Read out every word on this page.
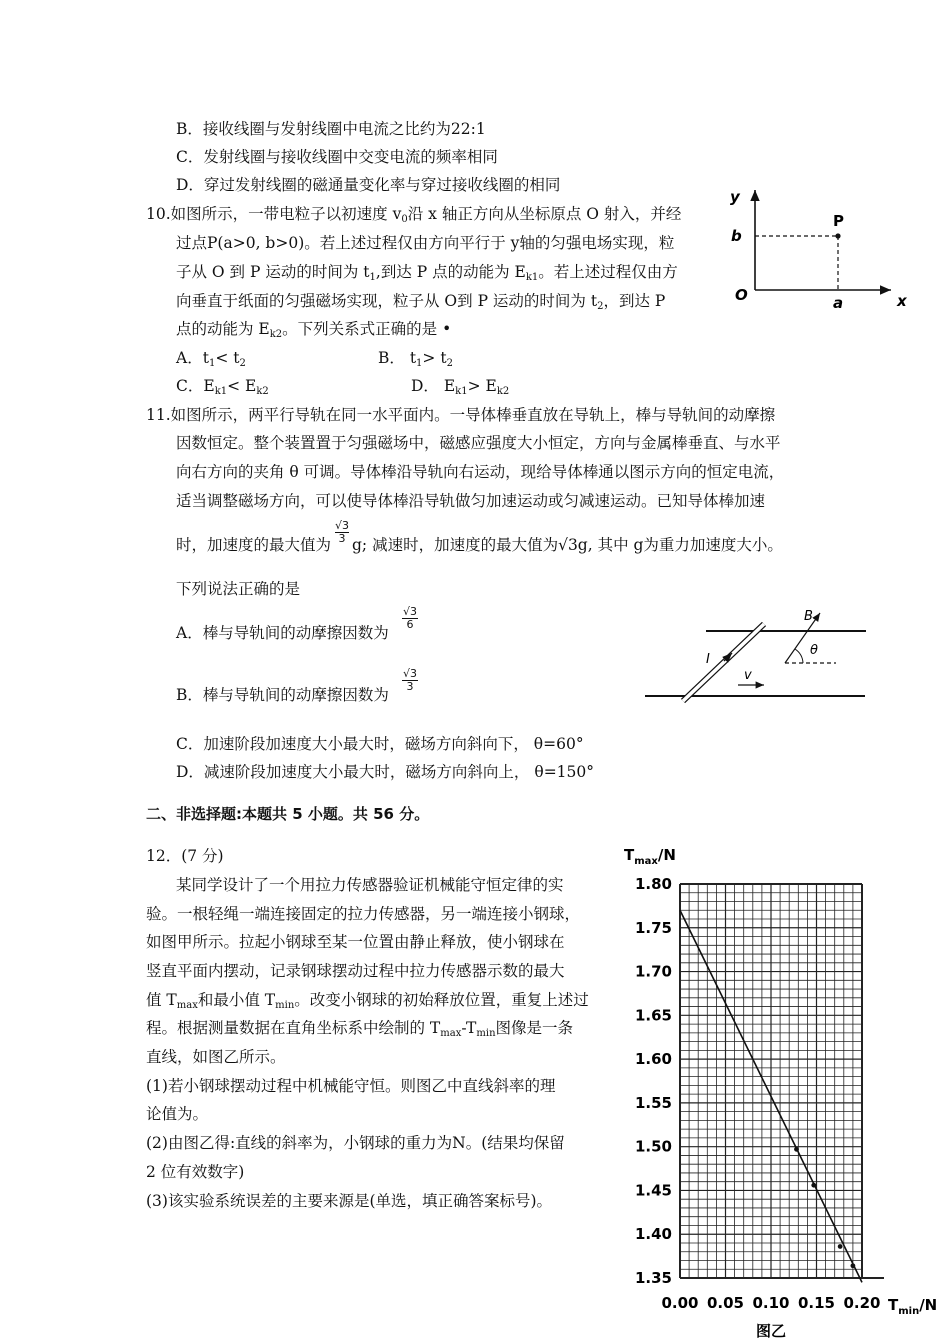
B．接收线圈与发射线圈中电流之比约为22:1
C．发射线圈与接收线圈中交变电流的频率相同
D．穿过发射线圈的磁通量变化率与穿过接收线圈的相同
10.如图所示，一带电粒子以初速度 $v_0$沿 x 轴正方向从坐标原点 O 射入，并经
过点P(a>0, b>0)。若上述过程仅由方向平行于 y轴的匀强电场实现，粒
子从 O 到 P 运动的时间为 $t_1$,到达 P 点的动能为 $E_{k1}$。若上述过程仅由方
向垂直于纸面的匀强磁场实现，粒子从 O到 P 运动的时间为 $t_2$，到达 P
点的动能为 $E_{k2}$。下列关系式正确的是 •
A．$t_1< t_2$	B． $t_1> t_2$
C．$E_{k1}< E_{k2}$	D． $E_{k1}> E_{k2}$
y
x
O	a
b
P
11.如图所示，两平行导轨在同一水平面内。一导体棒垂直放在导轨上，棒与导轨间的动摩擦
因数恒定。整个装置置于匀强磁场中，磁感应强度大小恒定，方向与金属棒垂直、与水平
向右方向的夹角 θ 可调。导体棒沿导轨向右运动，现给导体棒通以图示方向的恒定电流，
适当调整磁场方向，可以使导体棒沿导轨做匀加速运动或匀减速运动。已知导体棒加速
时，加速度的最大值为 $\frac{√3}{3} g$; 减速时，加速度的最大值为√3g, 其中 g为重力加速度大小。
下列说法正确的是
A．棒与导轨间的动摩擦因数为
$\frac{√3}{6}$
B．棒与导轨间的动摩擦因数为
$\frac{√3}{3}$
C．加速阶段加速度大小最大时，磁场方向斜向下， θ=60°
D．减速阶段加速度大小最大时，磁场方向斜向上， θ=150°
I
v
B
θ
二、非选择题:本题共 5 小题。共 56 分。
12．(7 分)
某同学设计了一个用拉力传感器验证机械能守恒定律的实
验。一根轻绳一端连接固定的拉力传感器，另一端连接小钢球，
如图甲所示。拉起小钢球至某一位置由静止释放，使小钢球在
竖直平面内摆动，记录钢球摆动过程中拉力传感器示数的最大
值 $T_{max}$和最小值 $T_{min}$。改变小钢球的初始释放位置，重复上述过
程。根据测量数据在直角坐标系中绘制的 $T_{max}-T_{min}$图像是一条
直线，如图乙所示。
(1)若小钢球摆动过程中机械能守恒。则图乙中直线斜率的理
论值为。
(2)由图乙得:直线的斜率为，小钢球的重力为N。(结果均保留
2 位有效数字)
(3)该实验系统误差的主要来源是(单选，填正确答案标号)。
1.35
1.40
1.45
1.50
1.55
1.60
1.65
1.70
1.75
1.80
0.00 0.05 0.10 0.15 0.20
$T_{max}/N$
$T_{min}/N$
图乙
